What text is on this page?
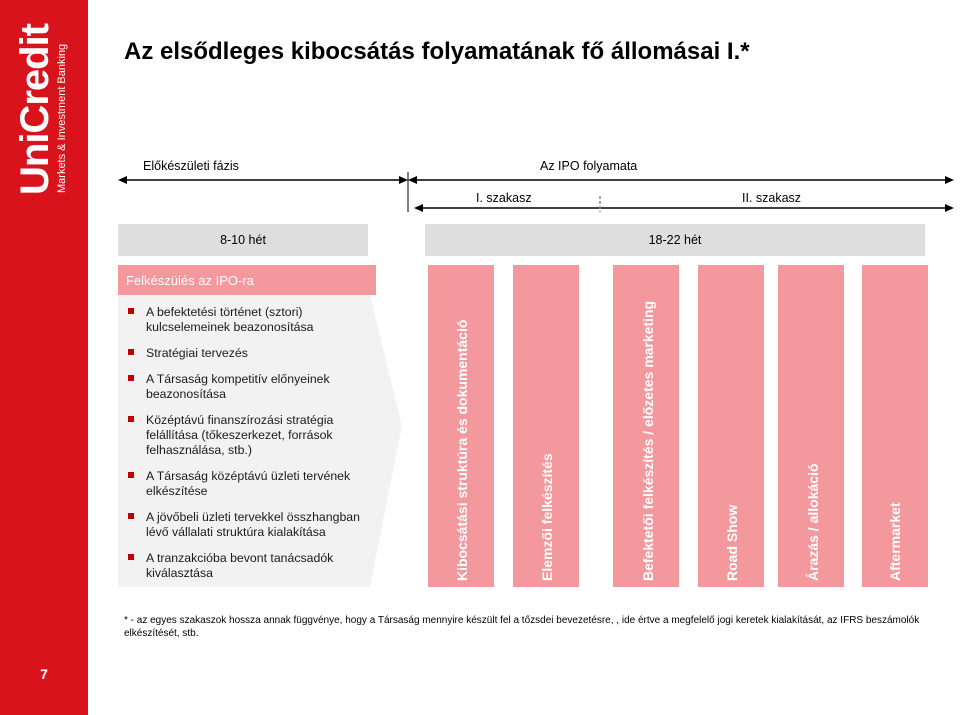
UniCredit Markets & Investment Banking
7
Az elsődleges kibocsátás folyamatának fő állomásai I.*
Előkészületi fázis	Az IPO folyamata
I. szakasz	II. szakasz
8-10 hét	18-22 hét
Felkészülés az IPO-ra
A befektetési történet (sztori) kulcselemeinek beazonosítása
Stratégiai tervezés
A Társaság kompetitív előnyeinek beazonosítása
Középtávú finanszírozási stratégia felállítása (tőkeszerkezet, források felhasználása, stb.)
A Társaság középtávú üzleti tervének elkészítése
A jövőbeli üzleti tervekkel összhangban lévő vállalati struktúra kialakítása
A tranzakcióba bevont tanácsadók kiválasztása	Kibocsátási struktúra és dokumentáció	Elemzői felkészítés	Befektetői felkészítés / előzetes marketing	Road Show	Árazás / allokáció	Aftermarket
* - az egyes szakaszok hossza annak függvénye, hogy a Társaság mennyire készült fel a tőzsdei bevezetésre, , ide értve a megfelelő jogi keretek kialakítását, az IFRS beszámolók elkészítését, stb.
